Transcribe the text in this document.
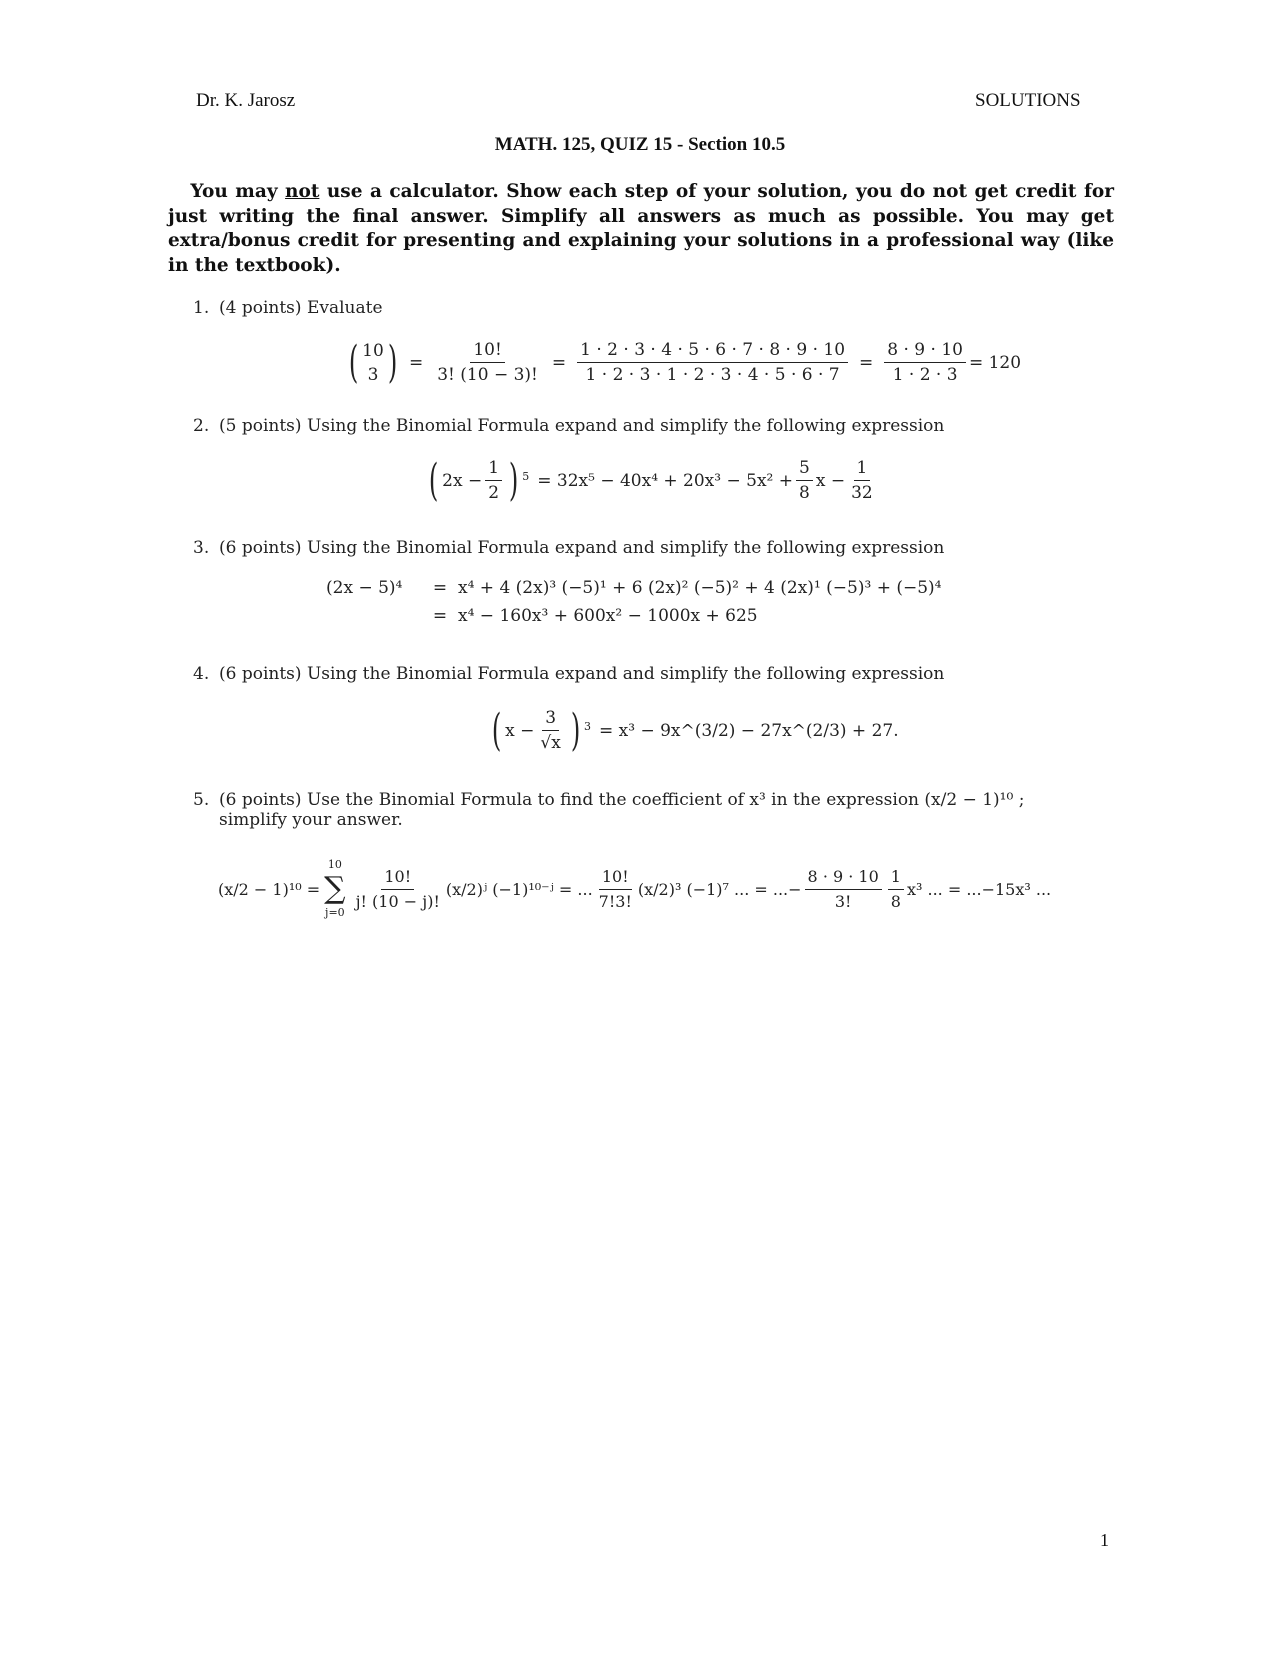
Dr. K. Jarosz	SOLUTIONS
MATH. 125, QUIZ 15 - Section 10.5
You may not use a calculator. Show each step of your solution, you do not get credit for just writing the final answer. Simplify all answers as much as possible. You may get extra/bonus credit for presenting and explaining your solutions in a professional way (like in the textbook).
1. (4 points) Evaluate
( 10
3 ) = $\frac{10!}{3! (10 - 3)!} = \frac{1 \cdot 2 \cdot 3 \cdot 4 \cdot 5 \cdot 6 \cdot 7 \cdot 8 \cdot 9 \cdot 10}{1 \cdot 2 \cdot 3 \cdot 1 \cdot 2 \cdot 3 \cdot 4 \cdot 5 \cdot 6 \cdot 7} = \frac{8 \cdot 9 \cdot 10}{1 \cdot 2 \cdot 3} = 120$
2. (5 points) Using the Binomial Formula expand and simplify the following expression
( $2x - \frac{1}{2}$ ) $^5 = 32x^5 - 40x^4 + 20x^3 - 5x^2 + \frac{5}{8}$ $x - \frac{1}{32}$
3. (6 points) Using the Binomial Formula expand and simplify the following expression
(2x − 5)⁴	= x⁴ + 4 (2x)³ (−5)¹ + 6 (2x)² (−5)² + 4 (2x)¹ (−5)³ + (−5)⁴
= x⁴ − 160x³ + 600x² − 1000x + 625
4. (6 points) Using the Binomial Formula expand and simplify the following expression
( $x - \frac{3}{√x}$ ) $^3$ = x³ − 9x^(3/2) − 27x^(2/3) + 27.
5. (6 points) Use the Binomial Formula to find the coefficient of x³ in the expression (x/2 − 1)¹⁰ ;
simplify your answer.
(x/2 − 1)¹⁰ =
10
∑
$j=0 \frac{10!}{j! (10 - j)!}$ (x/2)ʲ (−1)¹⁰⁻ʲ = ... $\frac{10!}{7!3!} (x/2)^3$ (−1)⁷ ... = ...− $\frac{8 \cdot 9 \cdot 10}{3!} \frac{1}{8} x^3$ ... = ...−15x³ ...
1
